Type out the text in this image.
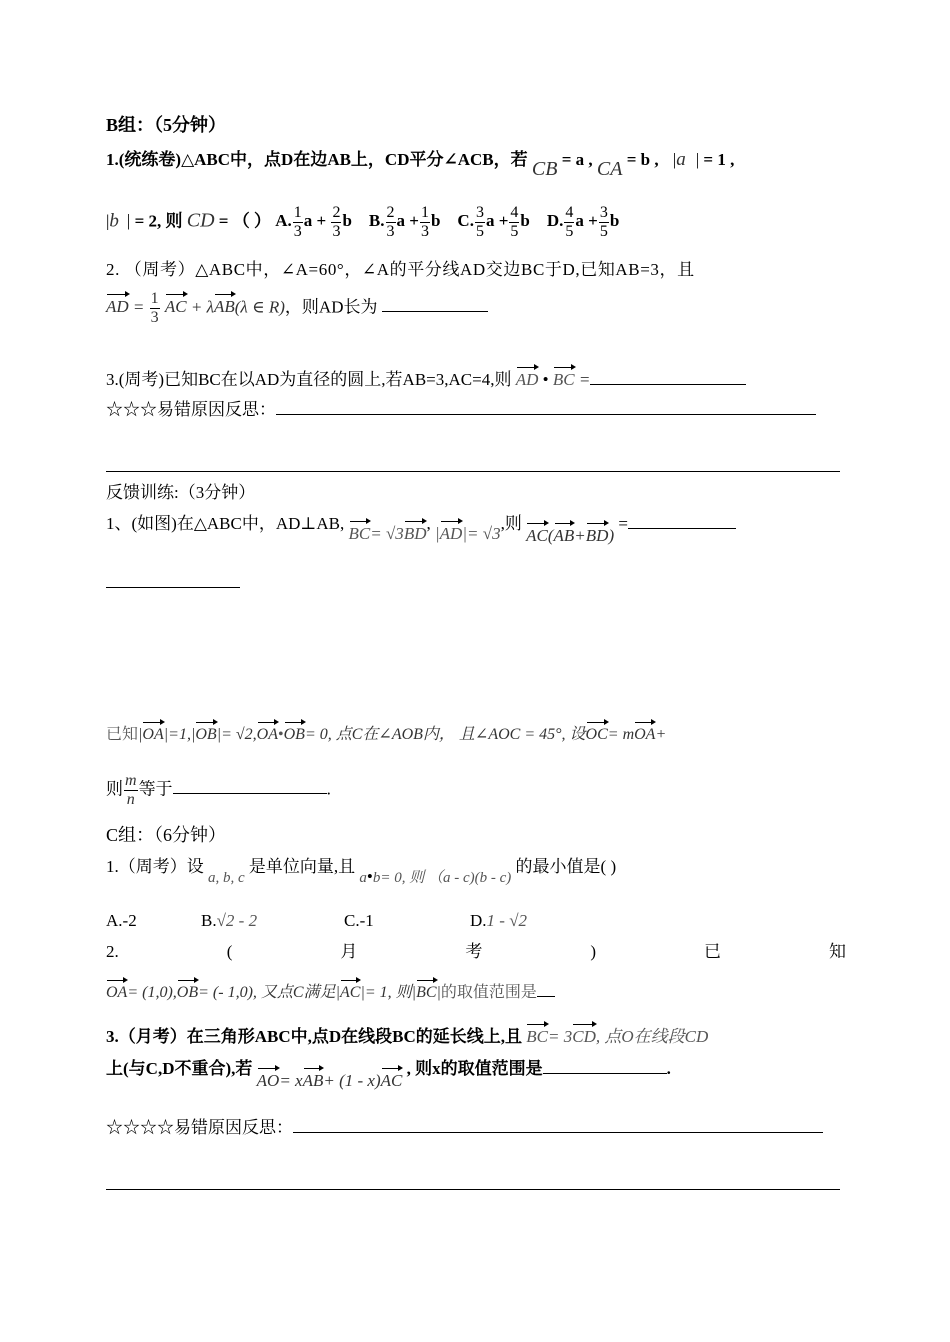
B组：（5分钟）
1.(统练卷)△ABC中，点D在边AB上，CD平分∠ACB，若 CB = a , CA = b , |a | = 1 ,
|b | = 2, 则 CD = （ ） A. $\frac{1}{3}$ $a + \frac{2}{3}$ b B. $\frac{2}{3}$ $a + \frac{1}{3}$ b C. $\frac{3}{5}$ $a + \frac{4}{5}$ b D. $\frac{4}{5}$ $a + \frac{3}{5}$ b
2. （周考）△ABC中，∠A=60°，∠A的平分线AD交边BC于D,已知AB=3，且
AD = $\frac{1}{3}$ AC + λAB(λ ∈ R)，则AD长为
3.(周考)已知BC在以AD为直径的圆上,若AB=3,AC=4,则 AD • BC =
☆☆☆易错原因反思：
反馈训练:（3分钟）
1、(如图)在△ABC中，AD⊥AB, BC= √3BD, |AD|= √3,则 AC(AB+BD) =
已知|OA|=1,|OB|= √2,OA•OB= 0, 点C在∠AOB内， 且∠AOC = 45°, 设OC= mOA+
则 $\frac{m}{n}$ 等于	.
C组：（6分钟）
1.（周考）设 a, b, c 是单位向量,且 a•b= 0, 则 （a - c)(b - c) 的最小值是( )
A.-2	B.√2 - 2	C.-1	D.1 - √2
2.	(	月	考	)	已	知
OA= (1,0),OB= (- 1,0), 又点C满足|AC|= 1, 则|BC|的取值范围是
3.（月考）在三角形ABC中,点D在线段BC的延长线上,且 BC= 3CD, 点O在线段CD
上(与C,D不重合),若 AO= xAB+ (1 - x)AC , 则x的取值范围是	.
☆☆☆☆易错原因反思：
